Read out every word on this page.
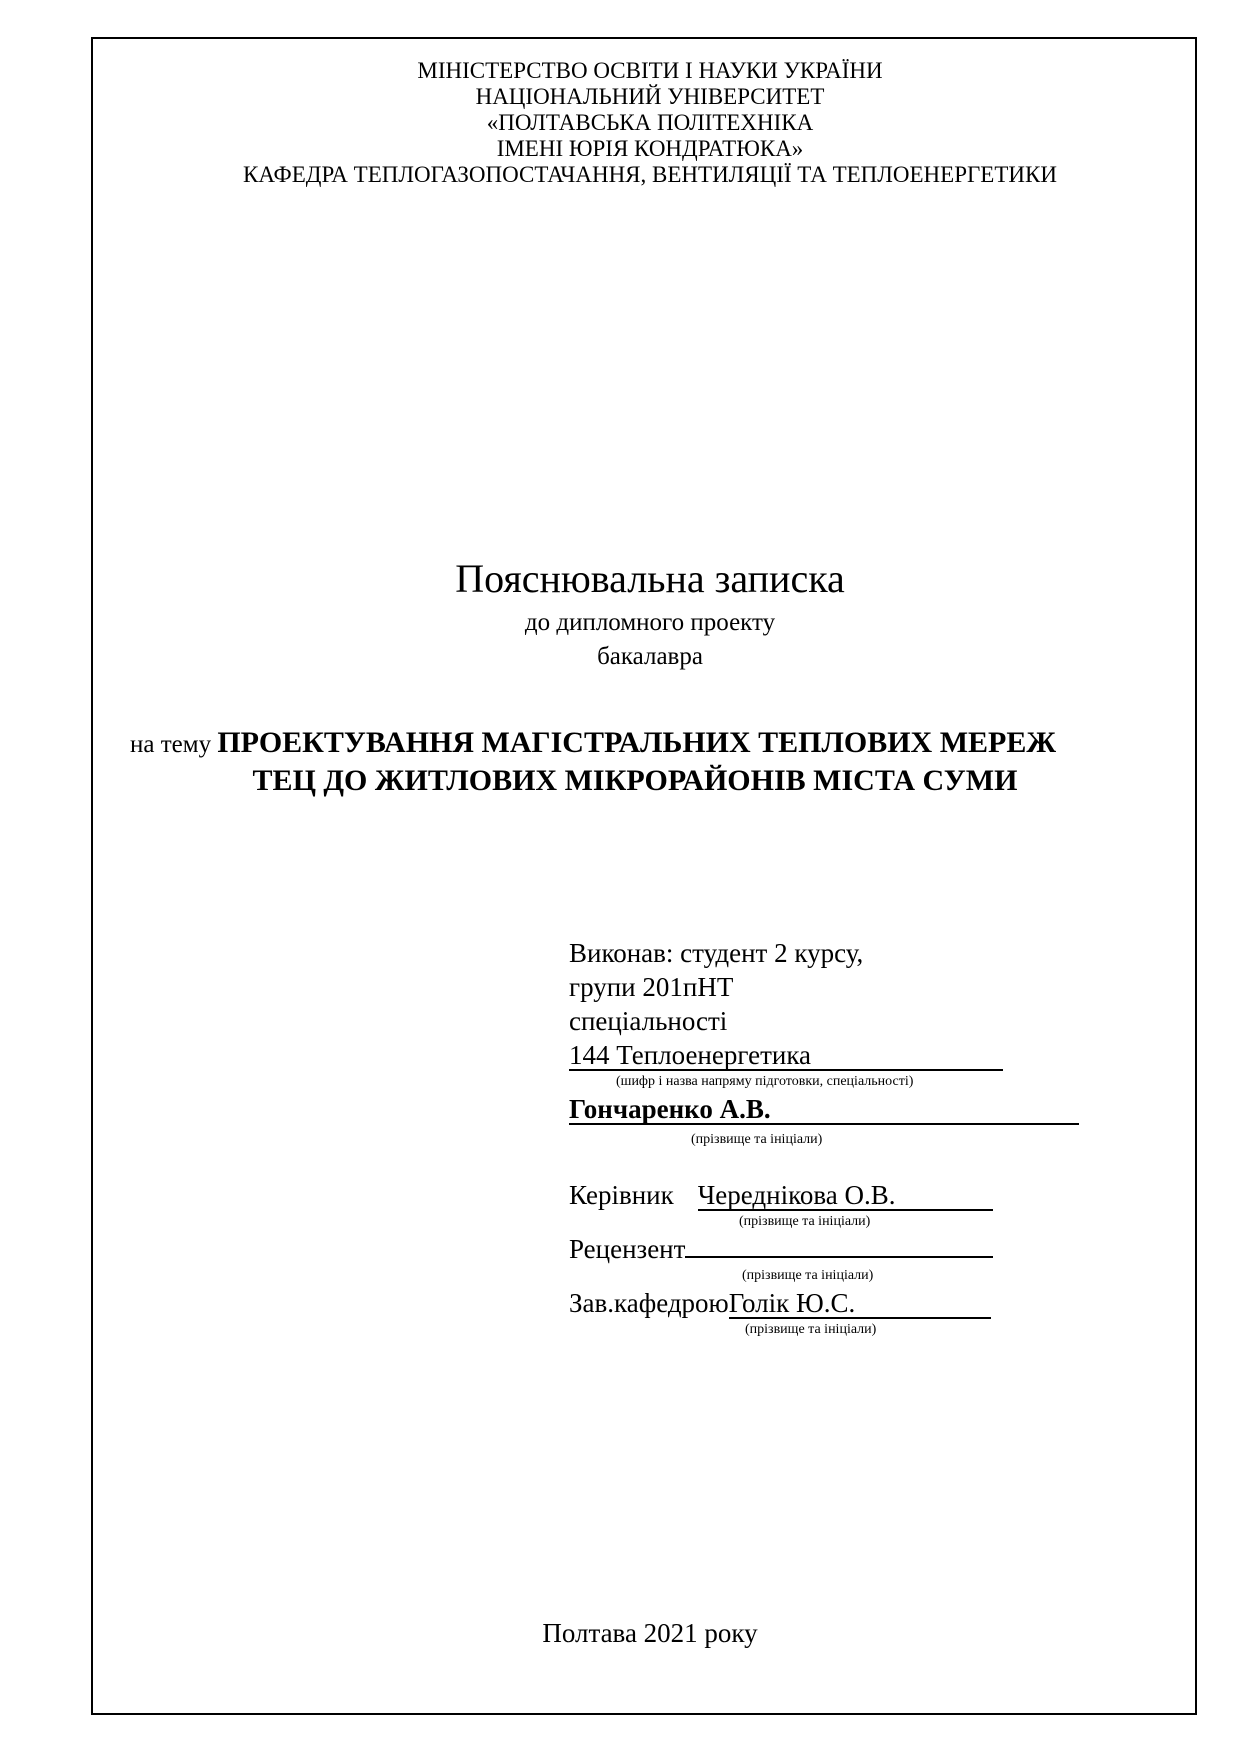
МІНІСТЕРСТВО ОСВІТИ І НАУКИ УКРАЇНИ
НАЦІОНАЛЬНИЙ УНІВЕРСИТЕТ
«ПОЛТАВСЬКА ПОЛІТЕХНІКА
ІМЕНІ ЮРІЯ КОНДРАТЮКА»
КАФЕДРА ТЕПЛОГАЗОПОСТАЧАННЯ, ВЕНТИЛЯЦІЇ ТА ТЕПЛОЕНЕРГЕТИКИ
Пояснювальна записка
до дипломного проекту
бакалавра
на тему ПРОЕКТУВАННЯ МАГІСТРАЛЬНИХ ТЕПЛОВИХ МЕРЕЖ
ТЕЦ ДО ЖИТЛОВИХ МІКРОРАЙОНІВ МІСТА СУМИ
Виконав: студент 2 курсу,
групи 201пНТ
спеціальності
144 Теплоенергетика
(шифр і назва напряму підготовки, спеціальності)
Гончаренко А.В.
(прізвище та ініціали)
Керівник Череднікова О.В.
(прізвище та ініціали)
Рецензент
(прізвище та ініціали)
Зав.кафедроюГолік Ю.С.
(прізвище та ініціали)
Полтава 2021 року
